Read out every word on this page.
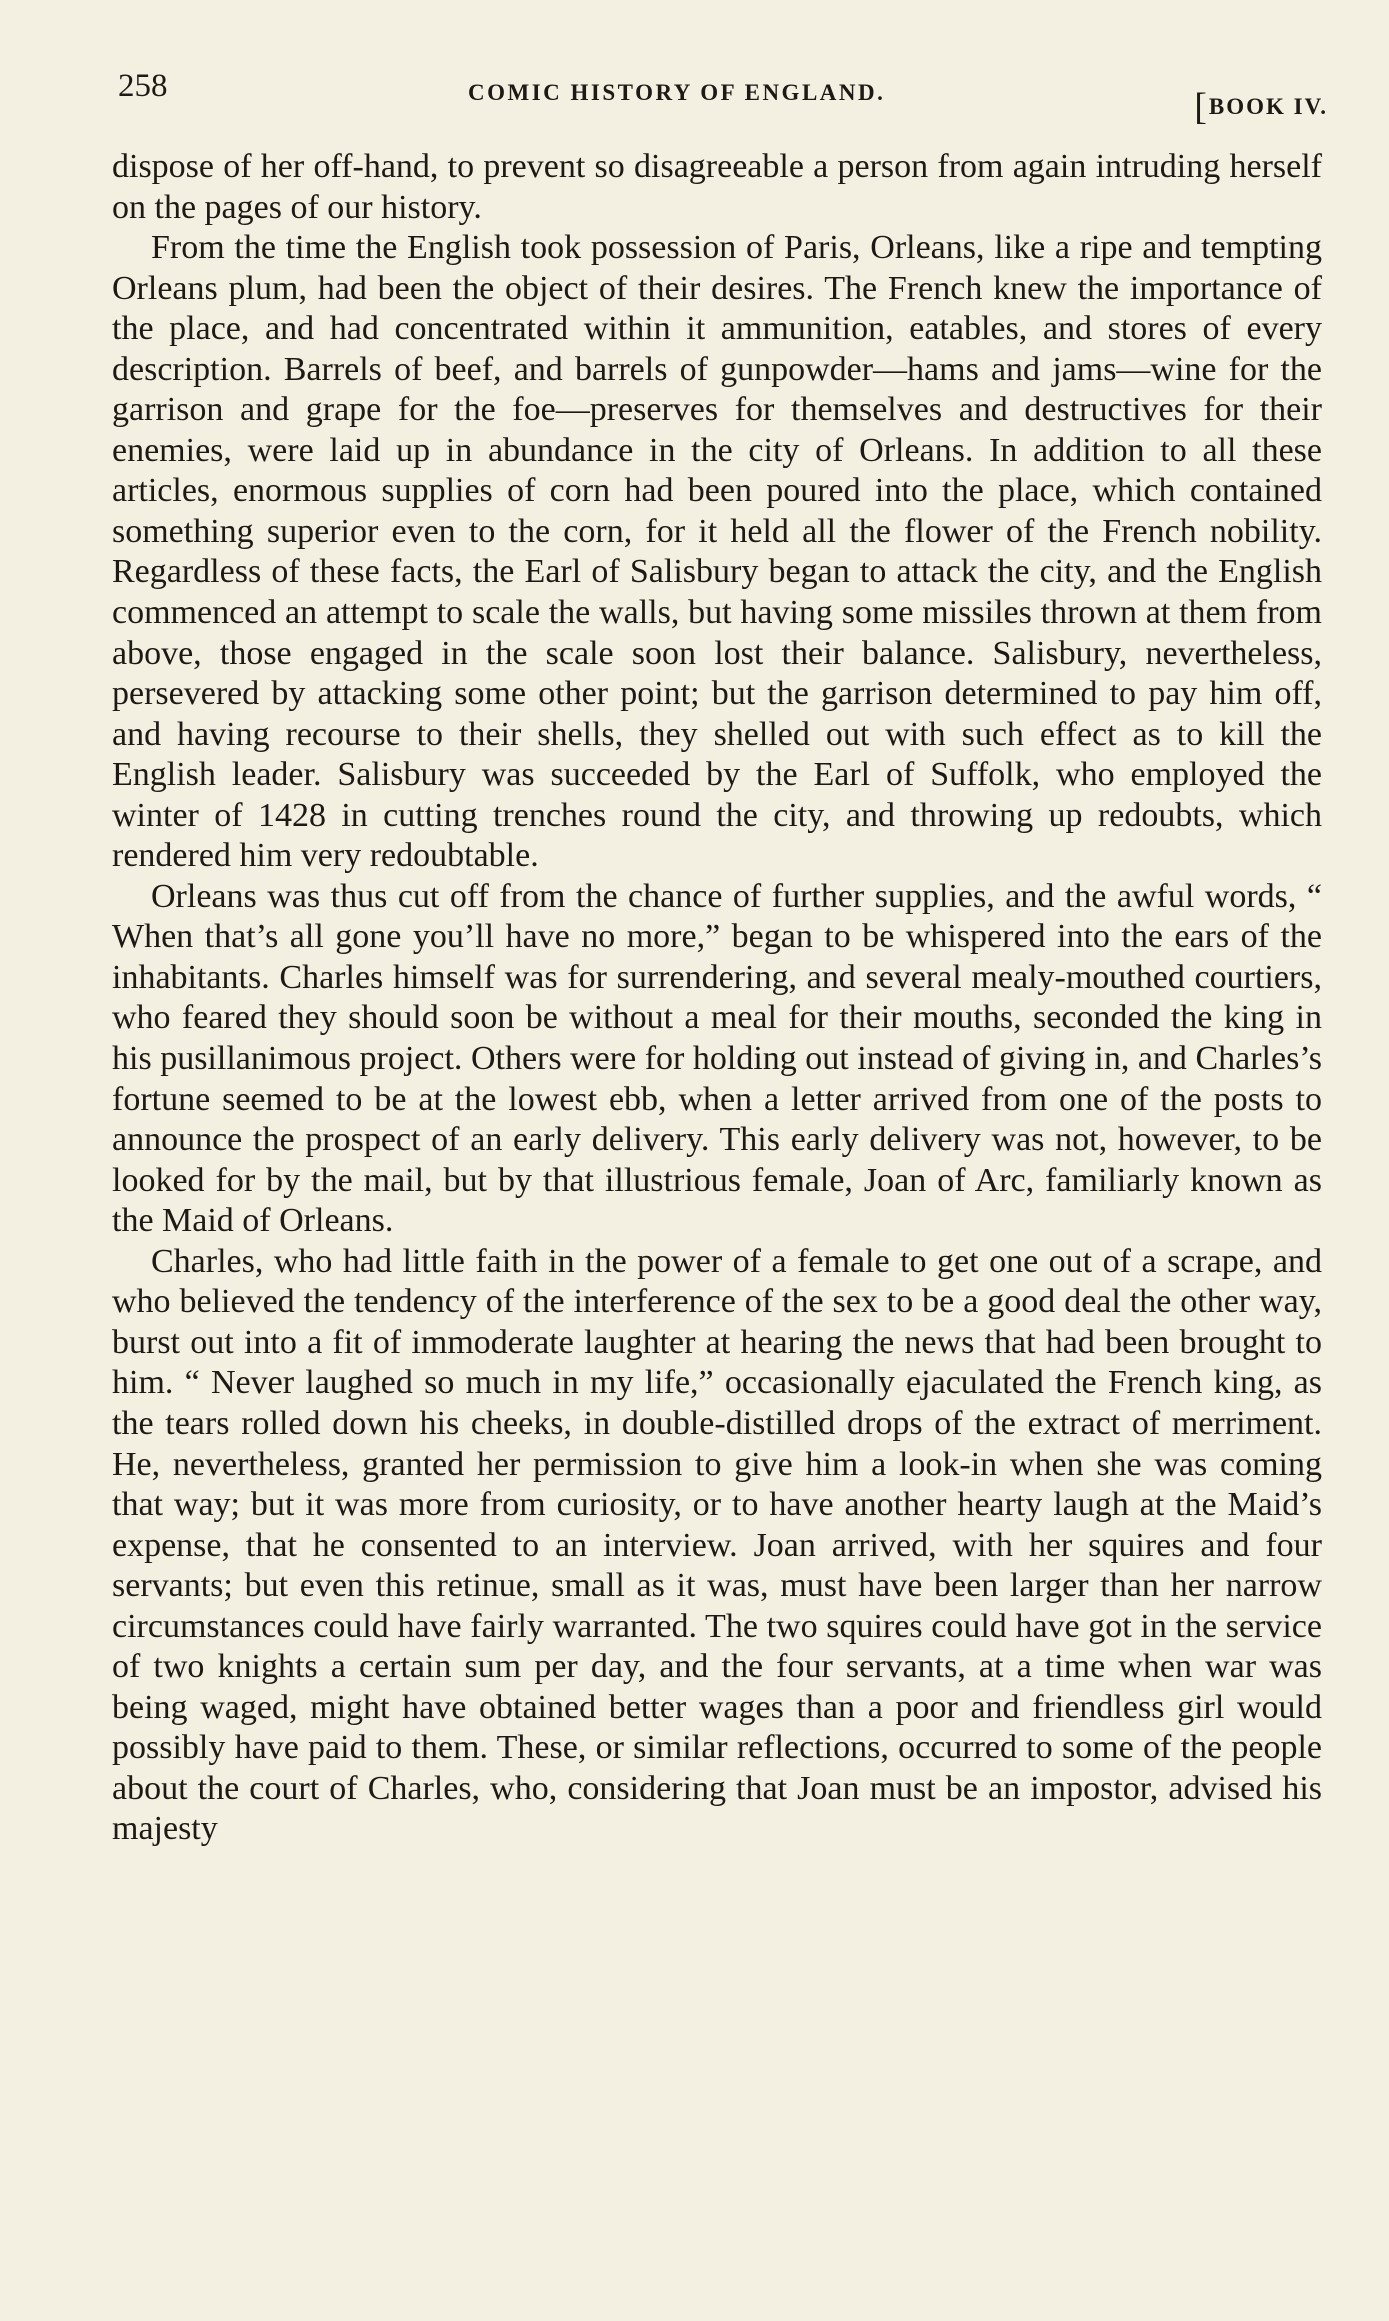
258	COMIC HISTORY OF ENGLAND.	[BOOK IV.

dispose of her off-hand, to prevent so disagreeable a person from again intruding herself on the pages of our history.

From the time the English took possession of Paris, Orleans, like a ripe and tempting Orleans plum, had been the object of their desires. The French knew the importance of the place, and had concentrated within it ammunition, eatables, and stores of every description. Barrels of beef, and barrels of gunpowder—hams and jams—wine for the garrison and grape for the foe—preserves for themselves and destructives for their enemies, were laid up in abundance in the city of Orleans. In addition to all these articles, enormous supplies of corn had been poured into the place, which contained something superior even to the corn, for it held all the flower of the French nobility. Regardless of these facts, the Earl of Salisbury began to attack the city, and the English commenced an attempt to scale the walls, but having some missiles thrown at them from above, those engaged in the scale soon lost their balance. Salisbury, nevertheless, persevered by attacking some other point; but the garrison determined to pay him off, and having recourse to their shells, they shelled out with such effect as to kill the English leader. Salisbury was succeeded by the Earl of Suffolk, who employed the winter of 1428 in cutting trenches round the city, and throwing up redoubts, which rendered him very redoubtable.

Orleans was thus cut off from the chance of further supplies, and the awful words, “ When that’s all gone you’ll have no more,” began to be whispered into the ears of the inhabitants. Charles himself was for surrendering, and several mealy-mouthed courtiers, who feared they should soon be without a meal for their mouths, seconded the king in his pusillanimous project. Others were for holding out instead of giving in, and Charles’s fortune seemed to be at the lowest ebb, when a letter arrived from one of the posts to announce the prospect of an early delivery. This early delivery was not, however, to be looked for by the mail, but by that illustrious female, Joan of Arc, familiarly known as the Maid of Orleans.

Charles, who had little faith in the power of a female to get one out of a scrape, and who believed the tendency of the interference of the sex to be a good deal the other way, burst out into a fit of immoderate laughter at hearing the news that had been brought to him. “ Never laughed so much in my life,” occasionally ejaculated the French king, as the tears rolled down his cheeks, in double-distilled drops of the extract of merriment. He, nevertheless, granted her permission to give him a look-in when she was coming that way; but it was more from curiosity, or to have another hearty laugh at the Maid’s expense, that he consented to an interview. Joan arrived, with her squires and four servants; but even this retinue, small as it was, must have been larger than her narrow circumstances could have fairly warranted. The two squires could have got in the service of two knights a certain sum per day, and the four servants, at a time when war was being waged, might have obtained better wages than a poor and friendless girl would possibly have paid to them. These, or similar reflections, occurred to some of the people about the court of Charles, who, considering that Joan must be an impostor, advised his majesty
